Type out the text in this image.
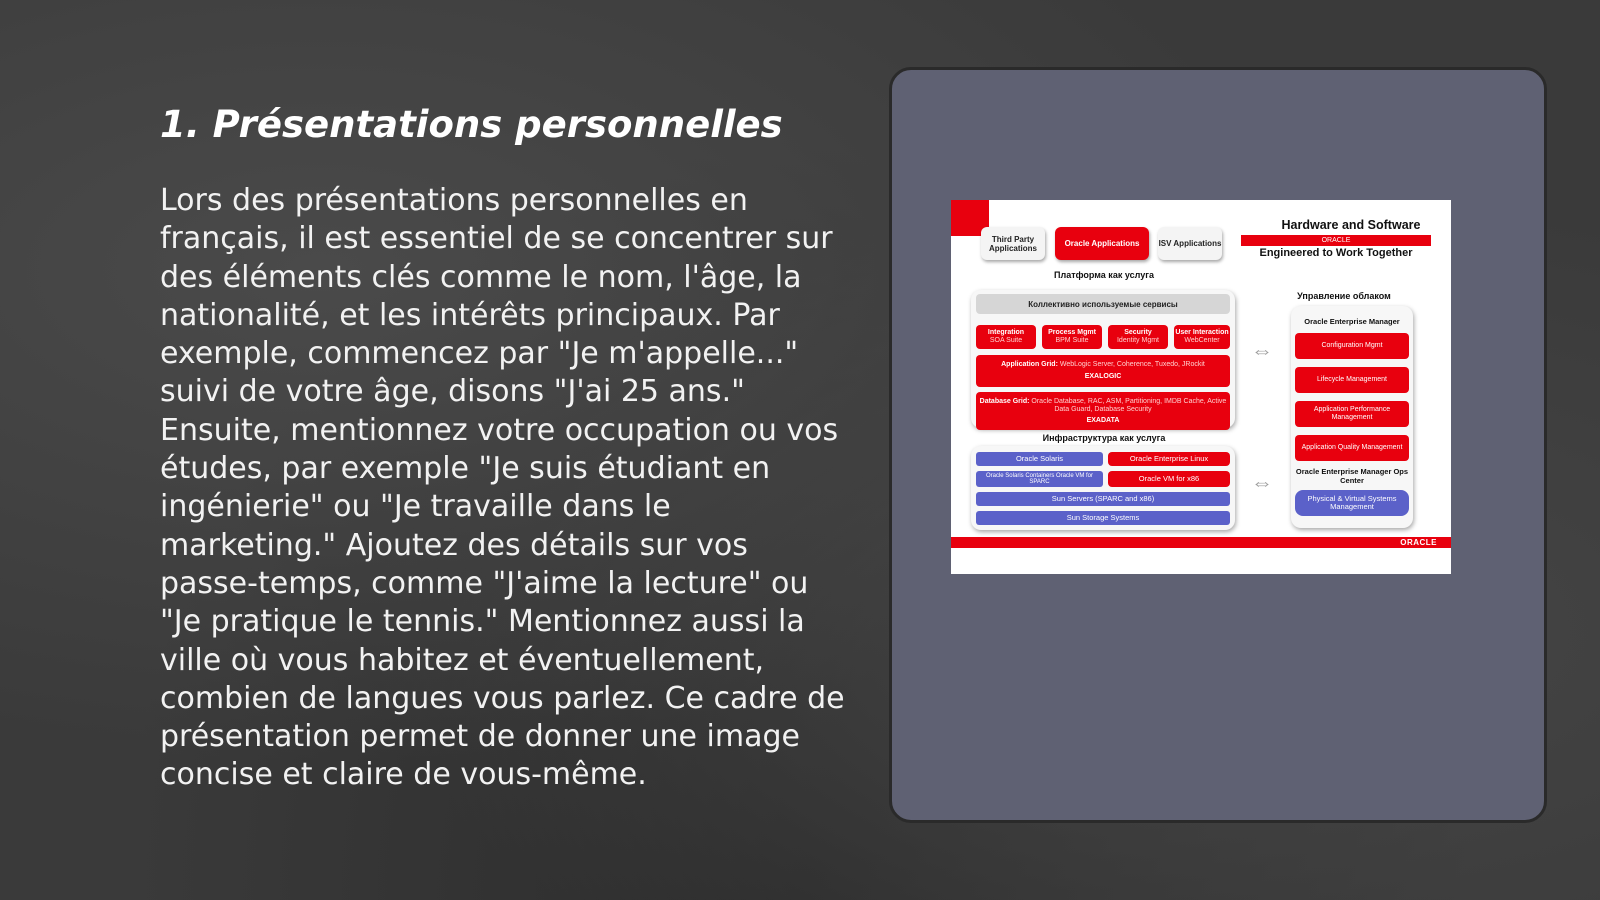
1. Présentations personnelles

Lors des présentations personnelles en français, il est essentiel de se concentrer sur des éléments clés comme le nom, l'âge, la nationalité, et les intérêts principaux. Par exemple, commencez par "Je m'appelle..." suivi de votre âge, disons "J'ai 25 ans." Ensuite, mentionnez votre occupation ou vos études, par exemple "Je suis étudiant en ingénierie" ou "Je travaille dans le marketing." Ajoutez des détails sur vos passe-temps, comme "J'aime la lecture" ou "Je pratique le tennis." Mentionnez aussi la ville où vous habitez et éventuellement, combien de langues vous parlez. Ce cadre de présentation permet de donner une image concise et claire de vous-même.

Third Party Applications	Oracle Applications	ISV Applications
Hardware and Software
ORACLE
Engineered to Work Together
Платформа как услуга
Коллективно используемые сервисы
Integration
SOA Suite
Process Mgmt
BPM Suite
Security
Identity Mgmt
User Interaction
WebCenter
Application Grid: WebLogic Server, Coherence, Tuxedo, JRockit
EXALOGIC
Database Grid: Oracle Database, RAC, ASM, Partitioning, IMDB Cache, Active Data Guard, Database Security
EXADATA
Инфраструктура как услуга
Oracle Solaris
Oracle Solaris Containers Oracle VM for SPARC
Oracle Enterprise Linux
Oracle VM for x86
Sun Servers (SPARC and x86)
Sun Storage Systems
⇔
⇔
Управление облаком
Oracle Enterprise Manager
Configuration Mgmt
Lifecycle Management
Application Performance Management
Application Quality Management
Oracle Enterprise Manager Ops Center
Physical & Virtual Systems Management
ORACLE
